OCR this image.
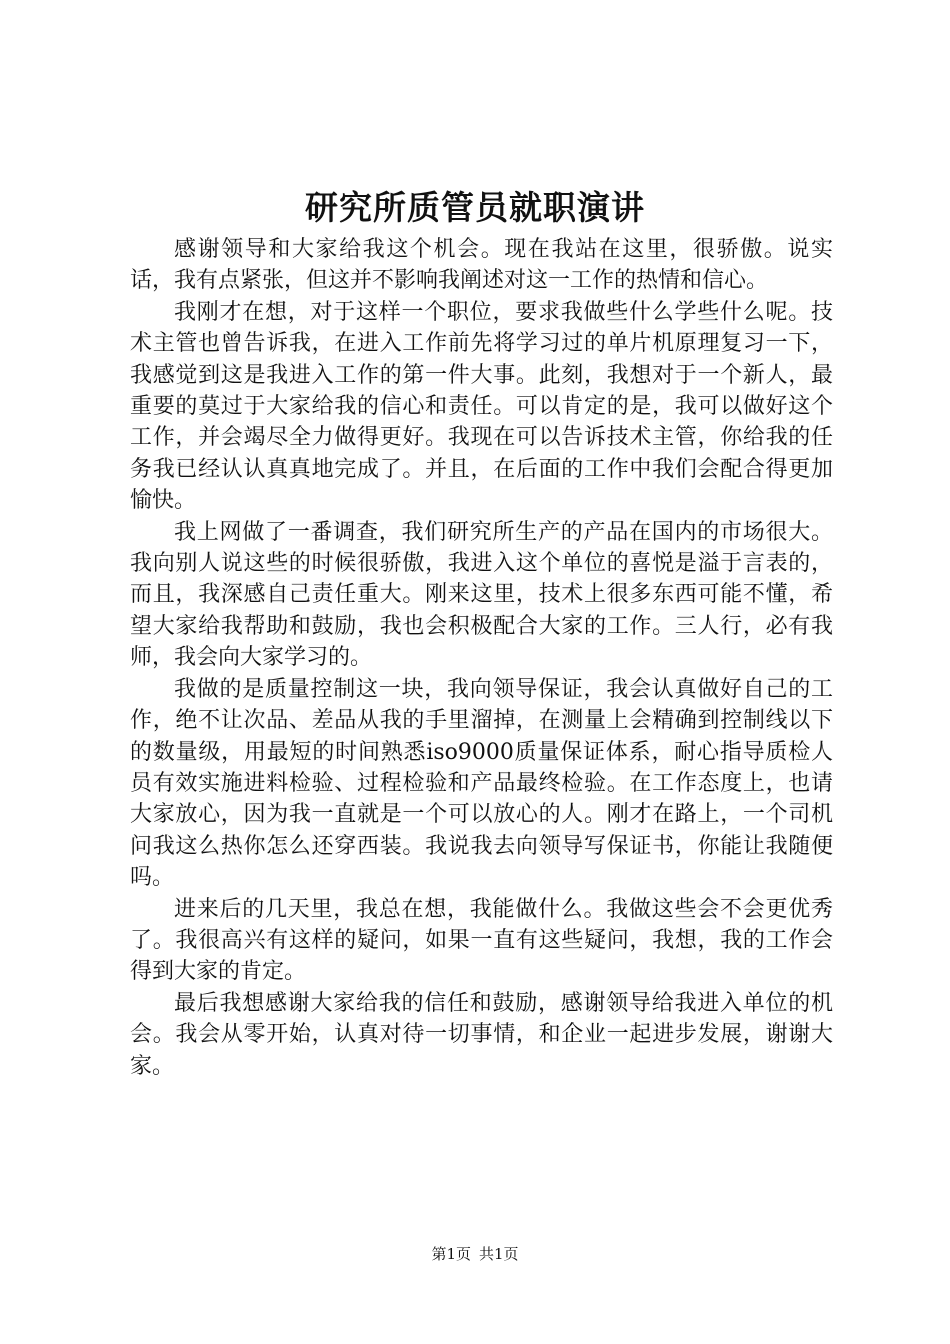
研究所质管员就职演讲

感谢领导和大家给我这个机会。现在我站在这里，很骄傲。说实话，我有点紧张，但这并不影响我阐述对这一工作的热情和信心。

我刚才在想，对于这样一个职位，要求我做些什么学些什么呢。技术主管也曾告诉我，在进入工作前先将学习过的单片机原理复习一下，我感觉到这是我进入工作的第一件大事。此刻，我想对于一个新人，最重要的莫过于大家给我的信心和责任。可以肯定的是，我可以做好这个工作，并会竭尽全力做得更好。我现在可以告诉技术主管，你给我的任务我已经认认真真地完成了。并且，在后面的工作中我们会配合得更加愉快。

我上网做了一番调查，我们研究所生产的产品在国内的市场很大。我向别人说这些的时候很骄傲，我进入这个单位的喜悦是溢于言表的，而且，我深感自己责任重大。刚来这里，技术上很多东西可能不懂，希望大家给我帮助和鼓励，我也会积极配合大家的工作。三人行，必有我师，我会向大家学习的。

我做的是质量控制这一块，我向领导保证，我会认真做好自己的工作，绝不让次品、差品从我的手里溜掉，在测量上会精确到控制线以下的数量级，用最短的时间熟悉iso9000质量保证体系，耐心指导质检人员有效实施进料检验、过程检验和产品最终检验。在工作态度上，也请大家放心，因为我一直就是一个可以放心的人。刚才在路上，一个司机问我这么热你怎么还穿西装。我说我去向领导写保证书，你能让我随便吗。

进来后的几天里，我总在想，我能做什么。我做这些会不会更优秀了。我很高兴有这样的疑问，如果一直有这些疑问，我想，我的工作会得到大家的肯定。

最后我想感谢大家给我的信任和鼓励，感谢领导给我进入单位的机会。我会从零开始，认真对待一切事情，和企业一起进步发展，谢谢大家。

第1页 共1页
